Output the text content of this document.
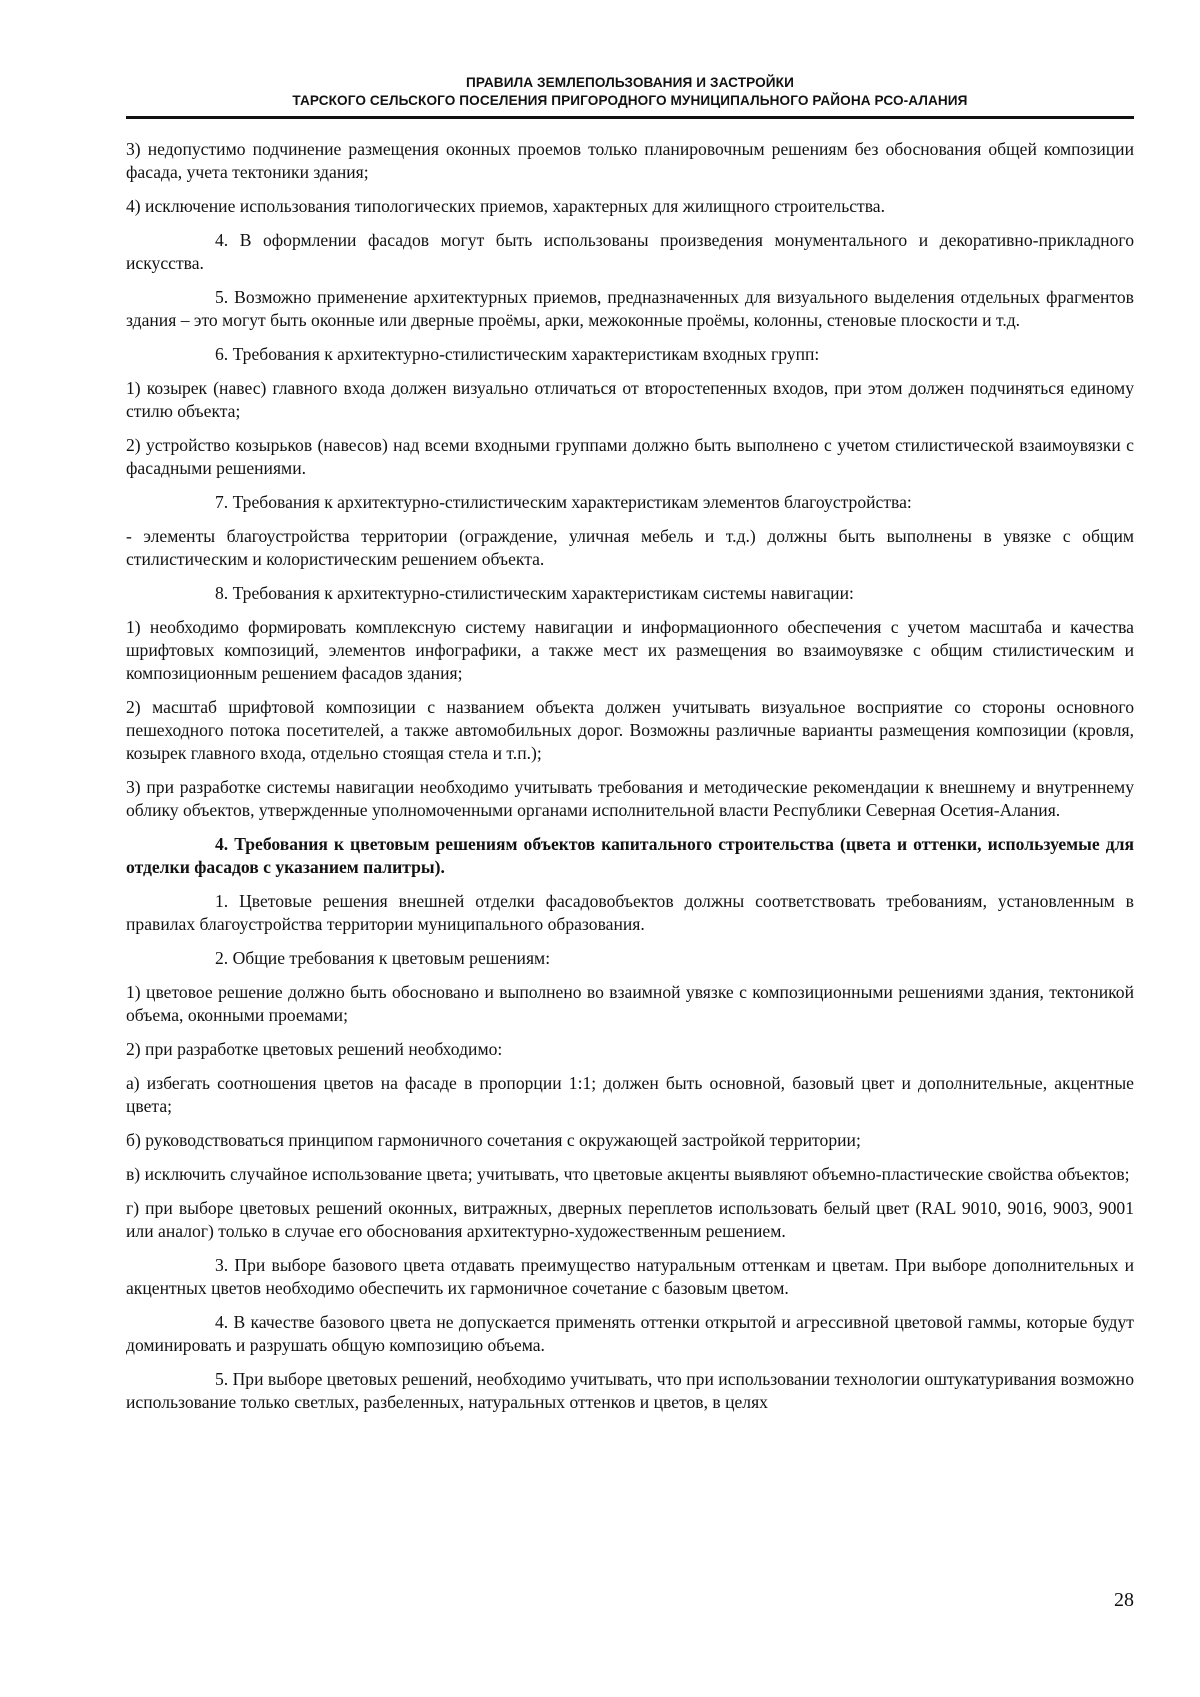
ПРАВИЛА ЗЕМЛЕПОЛЬЗОВАНИЯ И ЗАСТРОЙКИ
ТАРСКОГО СЕЛЬСКОГО ПОСЕЛЕНИЯ ПРИГОРОДНОГО МУНИЦИПАЛЬНОГО РАЙОНА РСО-АЛАНИЯ

3) недопустимо подчинение размещения оконных проемов только планировочным решениям без обоснования общей композиции фасада, учета тектоники здания;

4) исключение использования типологических приемов, характерных для жилищного строительства.

4. В оформлении фасадов могут быть использованы произведения монументального и декоративно-прикладного искусства.

5. Возможно применение архитектурных приемов, предназначенных для визуального выделения отдельных фрагментов здания – это могут быть оконные или дверные проёмы, арки, межоконные проёмы, колонны, стеновые плоскости и т.д.

6. Требования к архитектурно-стилистическим характеристикам входных групп:

1) козырек (навес) главного входа должен визуально отличаться от второстепенных входов, при этом должен подчиняться единому стилю объекта;

2) устройство козырьков (навесов) над всеми входными группами должно быть выполнено с учетом стилистической взаимоувязки с фасадными решениями.

7. Требования к архитектурно-стилистическим характеристикам элементов благоустройства:

- элементы благоустройства территории (ограждение, уличная мебель и т.д.) должны быть выполнены в увязке с общим стилистическим и колористическим решением объекта.

8. Требования к архитектурно-стилистическим характеристикам системы навигации:

1) необходимо формировать комплексную систему навигации и информационного обеспечения с учетом масштаба и качества шрифтовых композиций, элементов инфографики, а также мест их размещения во взаимоувязке с общим стилистическим и композиционным решением фасадов здания;

2) масштаб шрифтовой композиции с названием объекта должен учитывать визуальное восприятие со стороны основного пешеходного потока посетителей, а также автомобильных дорог. Возможны различные варианты размещения композиции (кровля, козырек главного входа, отдельно стоящая стела и т.п.);

3) при разработке системы навигации необходимо учитывать требования и методические рекомендации к внешнему и внутреннему облику объектов, утвержденные уполномоченными органами исполнительной власти Республики Северная Осетия-Алания.

4. Требования к цветовым решениям объектов капитального строительства (цвета и оттенки, используемые для отделки фасадов с указанием палитры).

1. Цветовые решения внешней отделки фасадовобъектов должны соответствовать требованиям, установленным в правилах благоустройства территории муниципального образования.

2. Общие требования к цветовым решениям:

1) цветовое решение должно быть обосновано и выполнено во взаимной увязке с композиционными решениями здания, тектоникой объема, оконными проемами;

2) при разработке цветовых решений необходимо:

а) избегать соотношения цветов на фасаде в пропорции 1:1; должен быть основной, базовый цвет и дополнительные, акцентные цвета;

б) руководствоваться принципом гармоничного сочетания с окружающей застройкой территории;

в) исключить случайное использование цвета; учитывать, что цветовые акценты выявляют объемно-пластические свойства объектов;

г) при выборе цветовых решений оконных, витражных, дверных переплетов использовать белый цвет (RAL 9010, 9016, 9003, 9001 или аналог) только в случае его обоснования архитектурно-художественным решением.

3. При выборе базового цвета отдавать преимущество натуральным оттенкам и цветам. При выборе дополнительных и акцентных цветов необходимо обеспечить их гармоничное сочетание с базовым цветом.

4. В качестве базового цвета не допускается применять оттенки открытой и агрессивной цветовой гаммы, которые будут доминировать и разрушать общую композицию объема.

5. При выборе цветовых решений, необходимо учитывать, что при использовании технологии оштукатуривания возможно использование только светлых, разбеленных, натуральных оттенков и цветов, в целях

28
